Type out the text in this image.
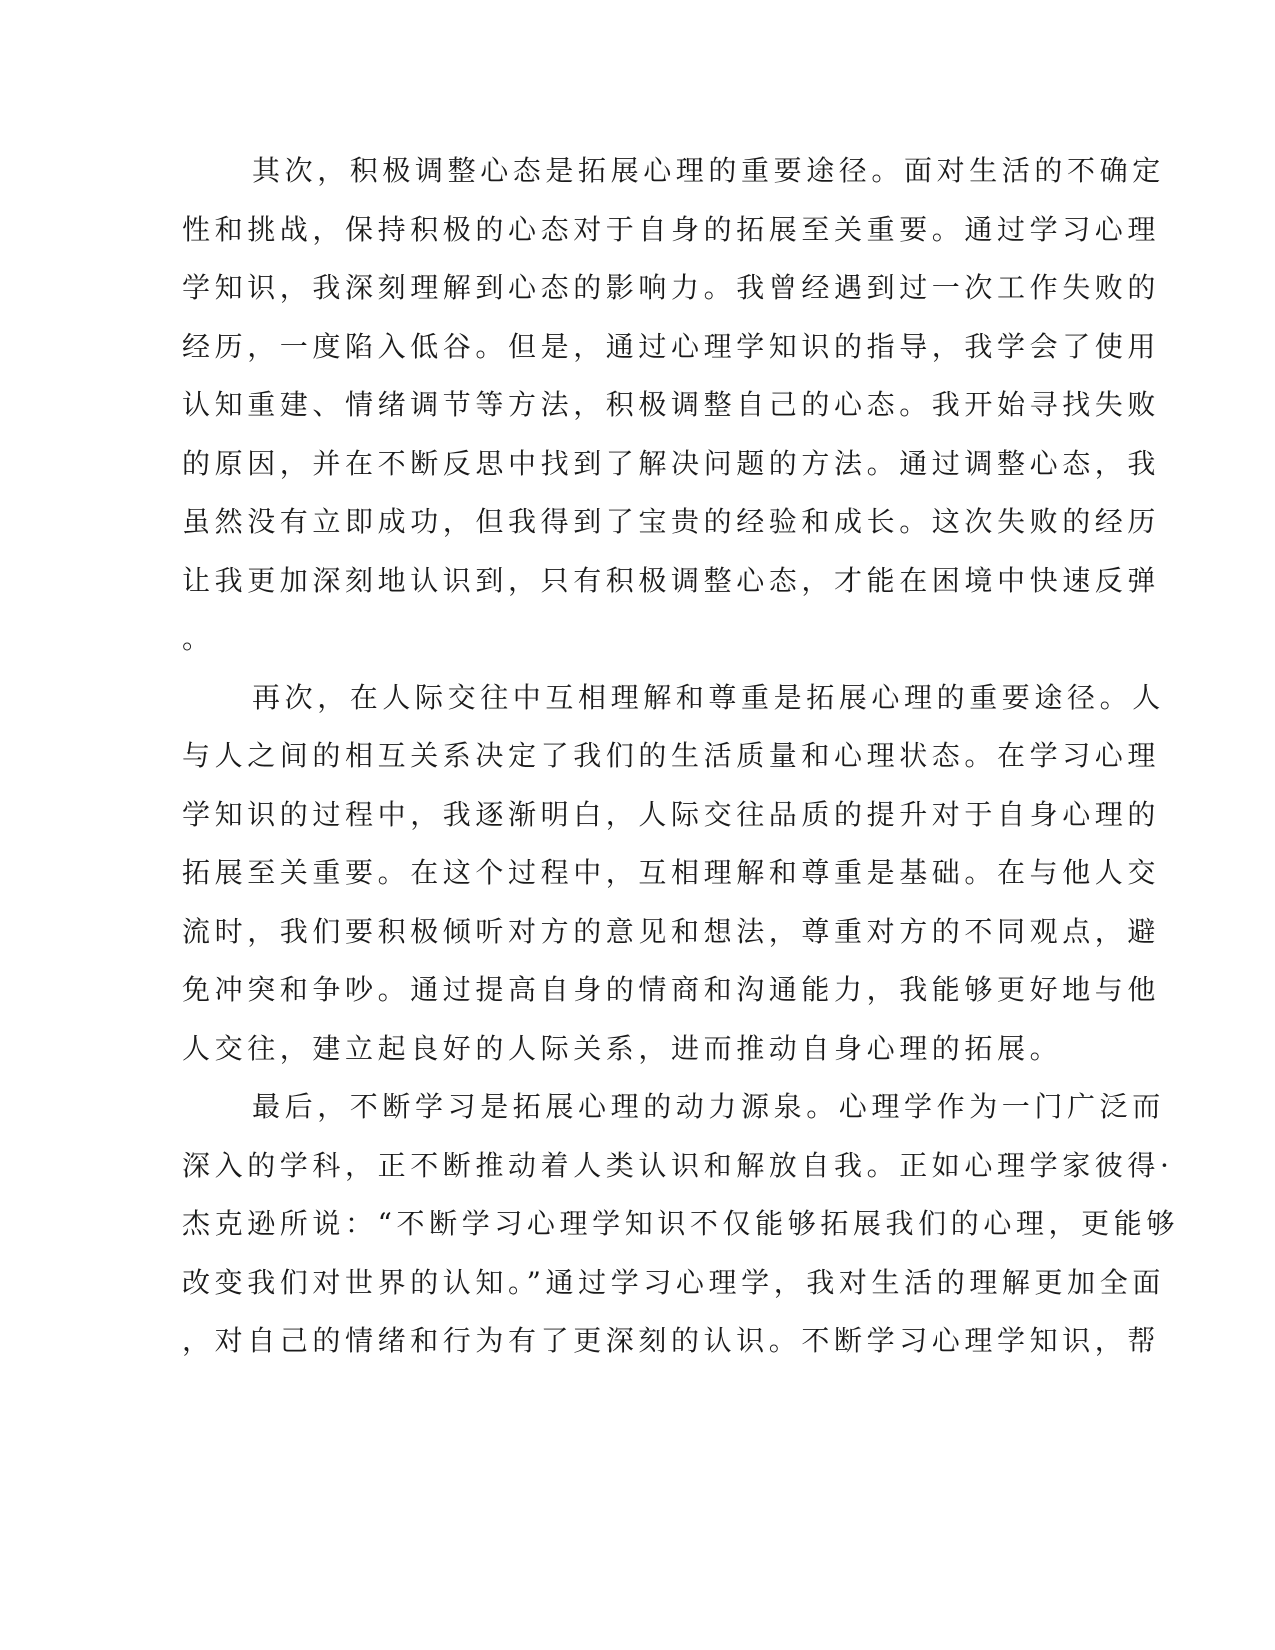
其次，积极调整心态是拓展心理的重要途径。面对生活的不确定
性和挑战，保持积极的心态对于自身的拓展至关重要。通过学习心理
学知识，我深刻理解到心态的影响力。我曾经遇到过一次工作失败的
经历，一度陷入低谷。但是，通过心理学知识的指导，我学会了使用
认知重建、情绪调节等方法，积极调整自己的心态。我开始寻找失败
的原因，并在不断反思中找到了解决问题的方法。通过调整心态，我
虽然没有立即成功，但我得到了宝贵的经验和成长。这次失败的经历
让我更加深刻地认识到，只有积极调整心态，才能在困境中快速反弹
。
再次，在人际交往中互相理解和尊重是拓展心理的重要途径。人
与人之间的相互关系决定了我们的生活质量和心理状态。在学习心理
学知识的过程中，我逐渐明白，人际交往品质的提升对于自身心理的
拓展至关重要。在这个过程中，互相理解和尊重是基础。在与他人交
流时，我们要积极倾听对方的意见和想法，尊重对方的不同观点，避
免冲突和争吵。通过提高自身的情商和沟通能力，我能够更好地与他
人交往，建立起良好的人际关系，进而推动自身心理的拓展。
最后，不断学习是拓展心理的动力源泉。心理学作为一门广泛而
深入的学科，正不断推动着人类认识和解放自我。正如心理学家彼得·
杰克逊所说：“不断学习心理学知识不仅能够拓展我们的心理，更能够
改变我们对世界的认知。”通过学习心理学，我对生活的理解更加全面
，对自己的情绪和行为有了更深刻的认识。不断学习心理学知识，帮
